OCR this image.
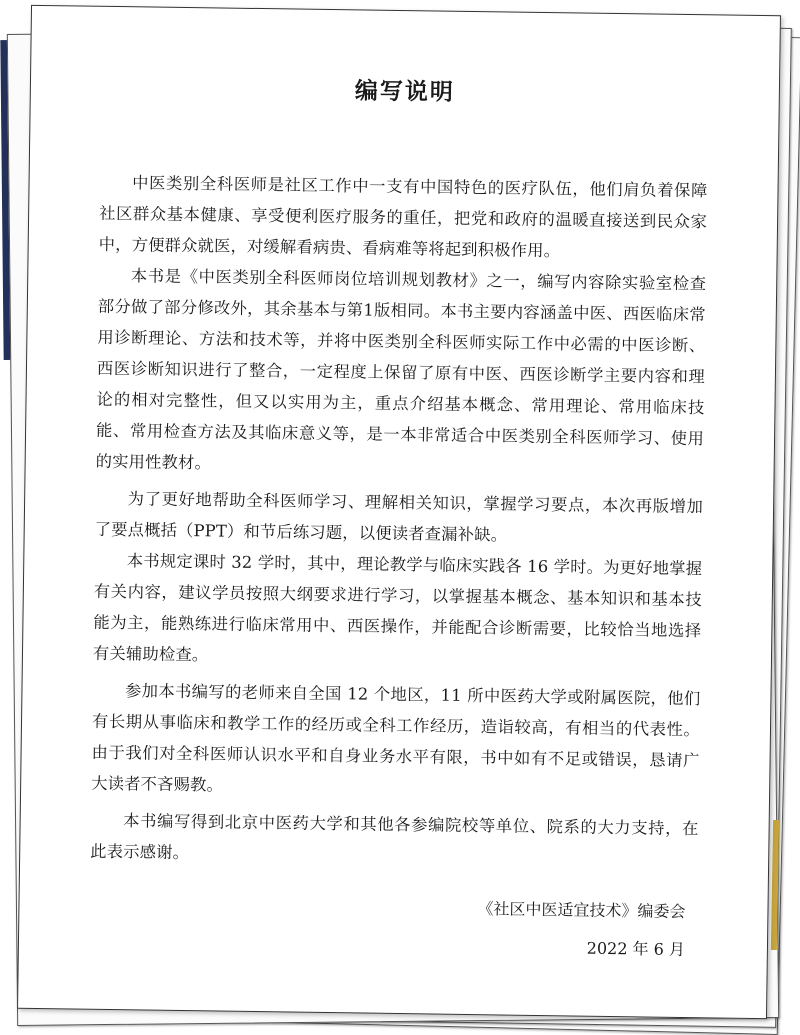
编写说明

中医类别全科医师是社区工作中一支有中国特色的医疗队伍，他们肩负着保障社区群众基本健康、享受便利医疗服务的重任，把党和政府的温暖直接送到民众家中，方便群众就医，对缓解看病贵、看病难等将起到积极作用。

本书是《中医类别全科医师岗位培训规划教材》之一，编写内容除实验室检查部分做了部分修改外，其余基本与第1版相同。本书主要内容涵盖中医、西医临床常用诊断理论、方法和技术等，并将中医类别全科医师实际工作中必需的中医诊断、西医诊断知识进行了整合，一定程度上保留了原有中医、西医诊断学主要内容和理论的相对完整性，但又以实用为主，重点介绍基本概念、常用理论、常用临床技能、常用检查方法及其临床意义等，是一本非常适合中医类别全科医师学习、使用的实用性教材。

为了更好地帮助全科医师学习、理解相关知识，掌握学习要点，本次再版增加了要点概括（PPT）和节后练习题，以便读者查漏补缺。

本书规定课时 32 学时，其中，理论教学与临床实践各 16 学时。为更好地掌握有关内容，建议学员按照大纲要求进行学习，以掌握基本概念、基本知识和基本技能为主，能熟练进行临床常用中、西医操作，并能配合诊断需要，比较恰当地选择有关辅助检查。

参加本书编写的老师来自全国 12 个地区，11 所中医药大学或附属医院，他们有长期从事临床和教学工作的经历或全科工作经历，造诣较高，有相当的代表性。由于我们对全科医师认识水平和自身业务水平有限，书中如有不足或错误，恳请广大读者不吝赐教。

本书编写得到北京中医药大学和其他各参编院校等单位、院系的大力支持，在此表示感谢。

《社区中医适宜技术》编委会
2022 年 6 月
